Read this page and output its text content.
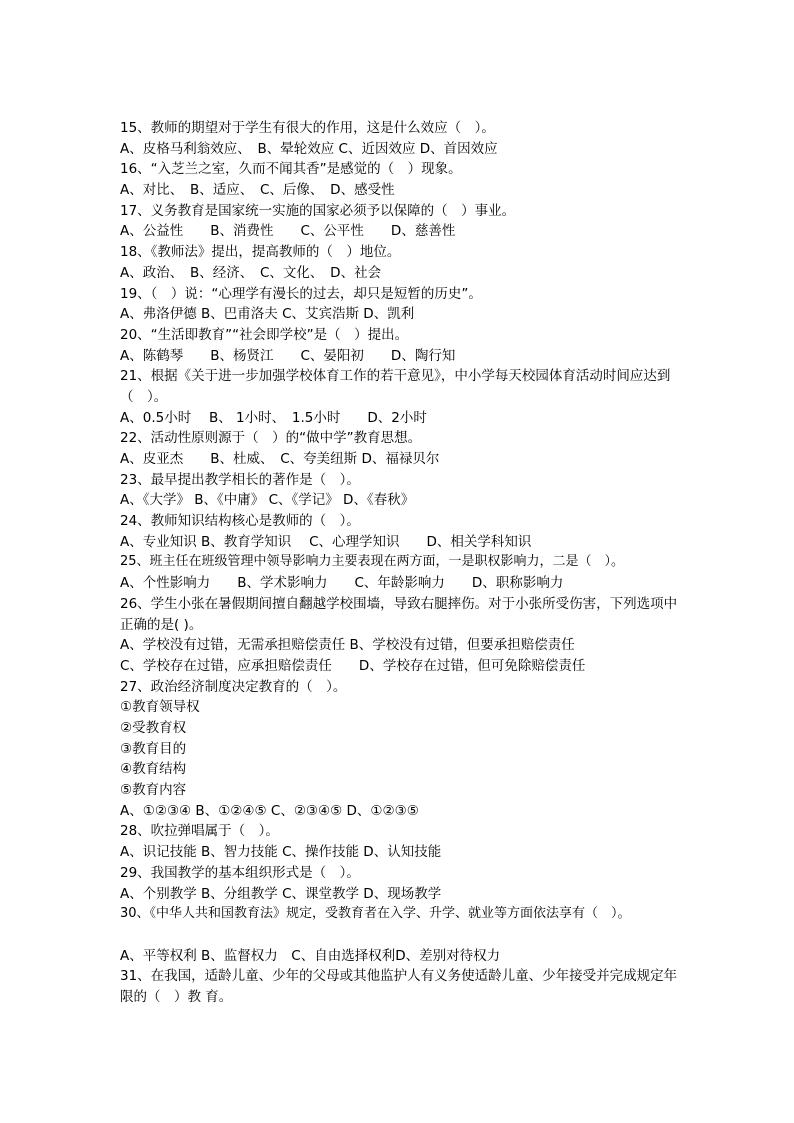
15、教师的期望对于学生有很大的作用，这是什么效应（　）。
A、皮格马利翁效应、　B、晕轮效应 C、近因效应 D、首因效应
16、“入芝兰之室，久而不闻其香”是感觉的（　）现象。
A、对比、　B、适应、　C、后像、　D、感受性
17、义务教育是国家统一实施的国家必须予以保障的（　）事业。
A、公益性　　B、消费性　　C、公平性　　D、慈善性
18、《教师法》提出，提高教师的（　）地位。
A、政治、　B、经济、　C、文化、　D、社会
19、（　）说：“心理学有漫长的过去，却只是短暂的历史”。
A、弗洛伊德 B、巴甫洛夫 C、艾宾浩斯 D、凯利
20、“生活即教育”“社会即学校”是（　）提出。
A、陈鹤琴　　B、杨贤江　　C、晏阳初　　D、陶行知
21、根据《关于进一步加强学校体育工作的若干意见》，中小学每天校园体育活动时间应达到（　）。
A、0.5小时　 B、 1小时、　1.5小时　　D、2小时
22、活动性原则源于（　）的“做中学”教育思想。
A、皮亚杰　　B、杜威、　C、夸美纽斯 D、福禄贝尔
23、最早提出教学相长的著作是（　）。
A、《大学》 B、《中庸》 C、《学记》 D、《春秋》
24、教师知识结构核心是教师的（　）。
A、专业知识 B、教育学知识　 C、心理学知识　　D、相关学科知识
25、班主任在班级管理中领导影响力主要表现在两方面，一是职权影响力，二是（　）。
A、个性影响力　　B、学术影响力　　C、年龄影响力　　D、职称影响力
26、学生小张在暑假期间擅自翻越学校围墙，导致右腿摔伤。对于小张所受伤害，下列选项中正确的是( )。
A、学校没有过错，无需承担赔偿责任 B、学校没有过错，但要承担赔偿责任
C、学校存在过错，应承担赔偿责任　　D、学校存在过错，但可免除赔偿责任
27、政治经济制度决定教育的（　）。
①教育领导权
②受教育权
③教育目的
④教育结构
⑤教育内容
A、①②③④ B、①②④⑤ C、②③④⑤ D、①②③⑤
28、吹拉弹唱属于（　）。
A、识记技能 B、智力技能 C、操作技能 D、认知技能
29、我国教学的基本组织形式是（　）。
A、个别教学 B、分组教学 C、课堂教学 D、现场教学
30、《中华人共和国教育法》规定，受教育者在入学、升学、就业等方面依法享有（　）。
A、平等权利 B、监督权力　C、自由选择权利D、差别对待权力
31、在我国，适龄儿童、少年的父母或其他监护人有义务使适龄儿童、少年接受并完成规定年限的（　）教 育。
